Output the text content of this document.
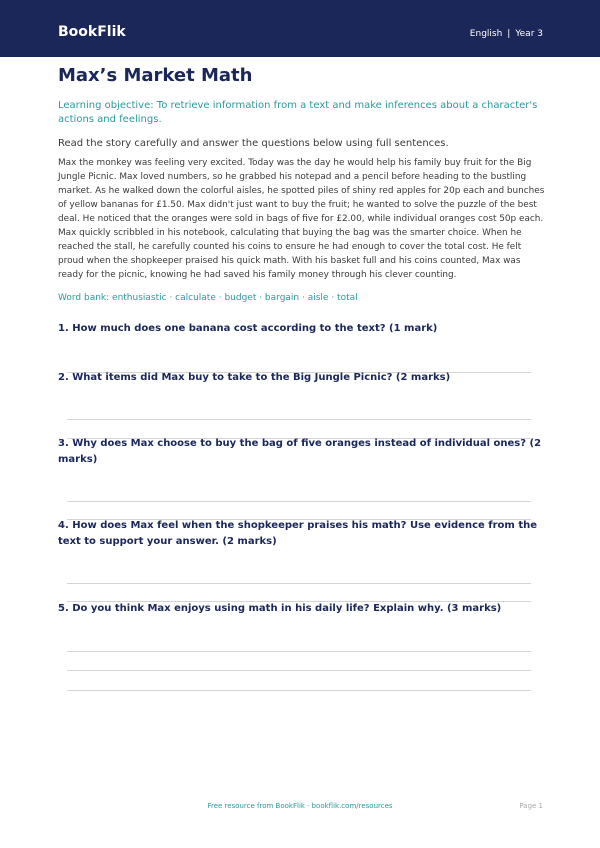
BookFlik	English | Year 3
Max’s Market Math
Learning objective: To retrieve information from a text and make inferences about a character's actions and feelings.
Read the story carefully and answer the questions below using full sentences.
Max the monkey was feeling very excited. Today was the day he would help his family buy fruit for the Big Jungle Picnic. Max loved numbers, so he grabbed his notepad and a pencil before heading to the bustling market. As he walked down the colorful aisles, he spotted piles of shiny red apples for 20p each and bunches of yellow bananas for £1.50. Max didn't just want to buy the fruit; he wanted to solve the puzzle of the best deal. He noticed that the oranges were sold in bags of five for £2.00, while individual oranges cost 50p each. Max quickly scribbled in his notebook, calculating that buying the bag was the smarter choice. When he reached the stall, he carefully counted his coins to ensure he had enough to cover the total cost. He felt proud when the shopkeeper praised his quick math. With his basket full and his coins counted, Max was ready for the picnic, knowing he had saved his family money through his clever counting.
Word bank: enthusiastic · calculate · budget · bargain · aisle · total
1. How much does one banana cost according to the text? (1 mark)
2. What items did Max buy to take to the Big Jungle Picnic? (2 marks)
3. Why does Max choose to buy the bag of five oranges instead of individual ones? (2 marks)
4. How does Max feel when the shopkeeper praises his math? Use evidence from the text to support your answer. (2 marks)
5. Do you think Max enjoys using math in his daily life? Explain why. (3 marks)
Free resource from BookFlik · bookflik.com/resources	Page 1
